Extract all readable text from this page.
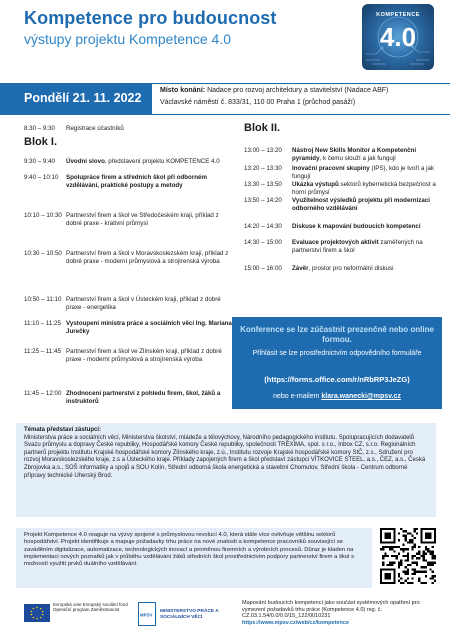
Kompetence pro budoucnost
výstupy projektu Kompetence 4.0
KOMPETENCE
4.0
Pondělí 21. 11. 2022
Místo konání: Nadace pro rozvoj architektury a stavitelství (Nadace ABF)
Václavské náměstí č. 833/31, 110 00 Praha 1 (průchod pasáží)
8:30 – 9:30	Registrace účastníků
Blok I.
9:30 – 9:40	Úvodní slovo, představení projektu KOMPETENCE 4.0
9:40 – 10:10	Spolupráce firem a středních škol při odborném vzdělávání, praktické postupy a metody
10:10 – 10:30 Partnerství firem a škol ve Středočeském kraji, příklad z dobré praxe - krativní průmysl
10:30 – 10:50 Partnerství firem a škol v Moravskoslezském kraji, příklad z dobré praxe - moderní průmyslová a strojírenská výroba
10:50 – 11:10 Partnerství firem a škol v Ústeckém kraji, příklad z dobré praxe - energetika
11:10 – 11:25 Vystoupení ministra práce a sociálních věcí Ing. Mariana Jurečky
11:25 – 11:45 Partnerství firem a škol ve Zlínském kraji, příklad z dobré praxe - moderní průmyslová a strojírenská výroba
11:45 – 12:00 Zhodnocení partnerství z pohledu firem, škol, žáků a instruktorů
Blok II.
13:00 – 13:20	Nástroj New Skills Monitor a Kompetenční pyramidy, k čemu slouží a jak fungují
13:20 – 13:30	Inovační pracovní skupiny (IPS), kdo je tvoří a jak fungují
13:30 – 13:50	Ukázka výstupů sektorů kybernetická bezpečnost a horní průmysl
13:50 – 14:20	Využitelnost výsledků projektu při modernizaci odborného vzdělávání
14:20 – 14:30	Diskuse k mapování budoucích kompetencí
14:30 – 15:00	Evaluace projektových aktivit zaměřených na partnerství firem a škol
15:00 – 16:00	Závěr, prostor pro neformální diskusi
Konference se lze zúčastnit prezenčně nebo online formou.
Přihlásit se lze prostřednictvím odpovědního formuláře
(https://forms.office.com/r/nRbRP3JeZG)
nebo e-mailem klara.wanecki@mpsv.cz
Témata představí zástupci:
Ministerstva práce a sociálních věcí, Ministerstva školství, mládeže a tělovýchovy, Národního pedagogického institutu. Spolupracujících dodavatelů Svazu průmyslu a dopravy České republiky, Hospodářské komory České republiky, společnosti TREXIMA, spol. s r.o., Inbox CZ, s.r.o. Regionálních partnerů projektu Institutu Krajské hospodářské komory Zlínského kraje, z.ú., Institutu rozvoje Krajské hospodářské komory StČ, z.s., Sdružení pro rozvoj Moravskoslezského kraje, z.s a Ústeckého kraje. Příklady zapojených firem a škol představí zástupci VÍTKOVICE STEEL, a.s., ČEZ, a.s., Česká Zbrojovka a.s., SOŠ informatiky a spojů a SOU Kolín, Střední odborná škola energetická a stavební Chomutov, Střední škola - Centrum odborné přípravy technické Uherský Brod.
Projekt Kompetence 4.0 reaguje na výzvy spojené s průmyslovou revolucí 4.0, která stále více ovlivňuje většinu sektorů hospodářství. Projekt identifikuje a mapuje požadavky trhu práce na nové znalosti a kompetence pracovníků související se zaváděním digitalizace, automatizace, technologických inovací a proměnou firemních a výrobních procesů. Důraz je kladen na implementaci nových poznatků jak v průběhu vzdělávání žáků středních škol prostřednictvím podpory partnerství firem a škol s možností využití prvků duálního vzdělávání.
Evropská unie Evropský sociální fond Operační program Zaměstnanost
MPSV
MINISTERSTVO PRÁCE A SOCIÁLNÍCH VĚCÍ
Mapování budoucích kompetencí jako součást systémových opatření pro vymezení požadavků trhu práce (Kompetence 4.0) reg. č. CZ.03.1.54/0.0/0.0/15_122/0010231
https://www.mpsv.cz/web/cz/kompetence
